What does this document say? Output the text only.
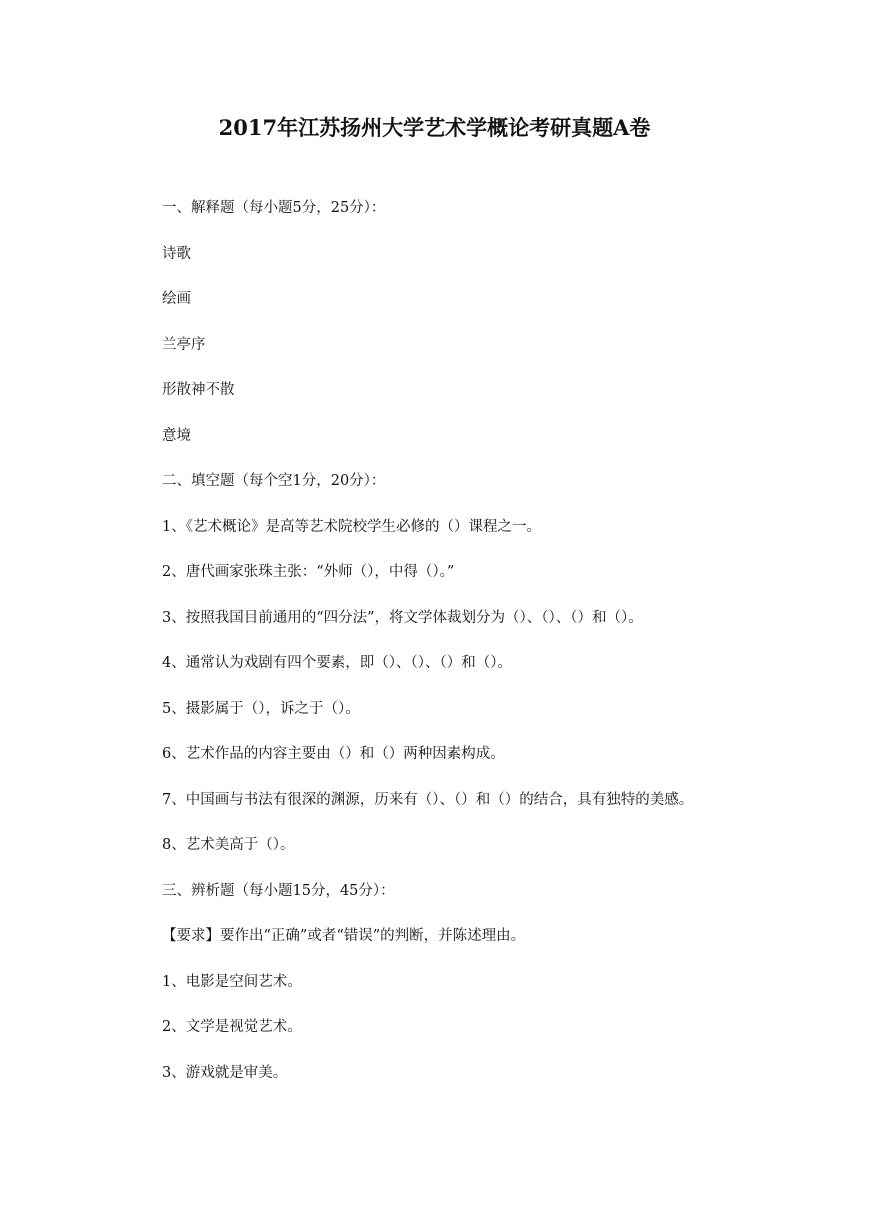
2017年江苏扬州大学艺术学概论考研真题A卷
一、解释题（每小题5分，25分）：
诗歌
绘画
兰亭序
形散神不散
意境
二、填空题（每个空1分，20分）：
1、《艺术概论》是高等艺术院校学生必修的（）课程之一。
2、唐代画家张珠主张：“外师（），中得（）。”
3、按照我国目前通用的“四分法”，将文学体裁划分为（）、（）、（）和（）。
4、通常认为戏剧有四个要素，即（）、（）、（）和（）。
5、摄影属于（），诉之于（）。
6、艺术作品的内容主要由（）和（）两种因素构成。
7、中国画与书法有很深的渊源，历来有（）、（）和（）的结合，具有独特的美感。
8、艺术美高于（）。
三、辨析题（每小题15分，45分）：
【要求】要作出“正确”或者“错误”的判断，并陈述理由。
1、电影是空间艺术。
2、文学是视觉艺术。
3、游戏就是审美。
